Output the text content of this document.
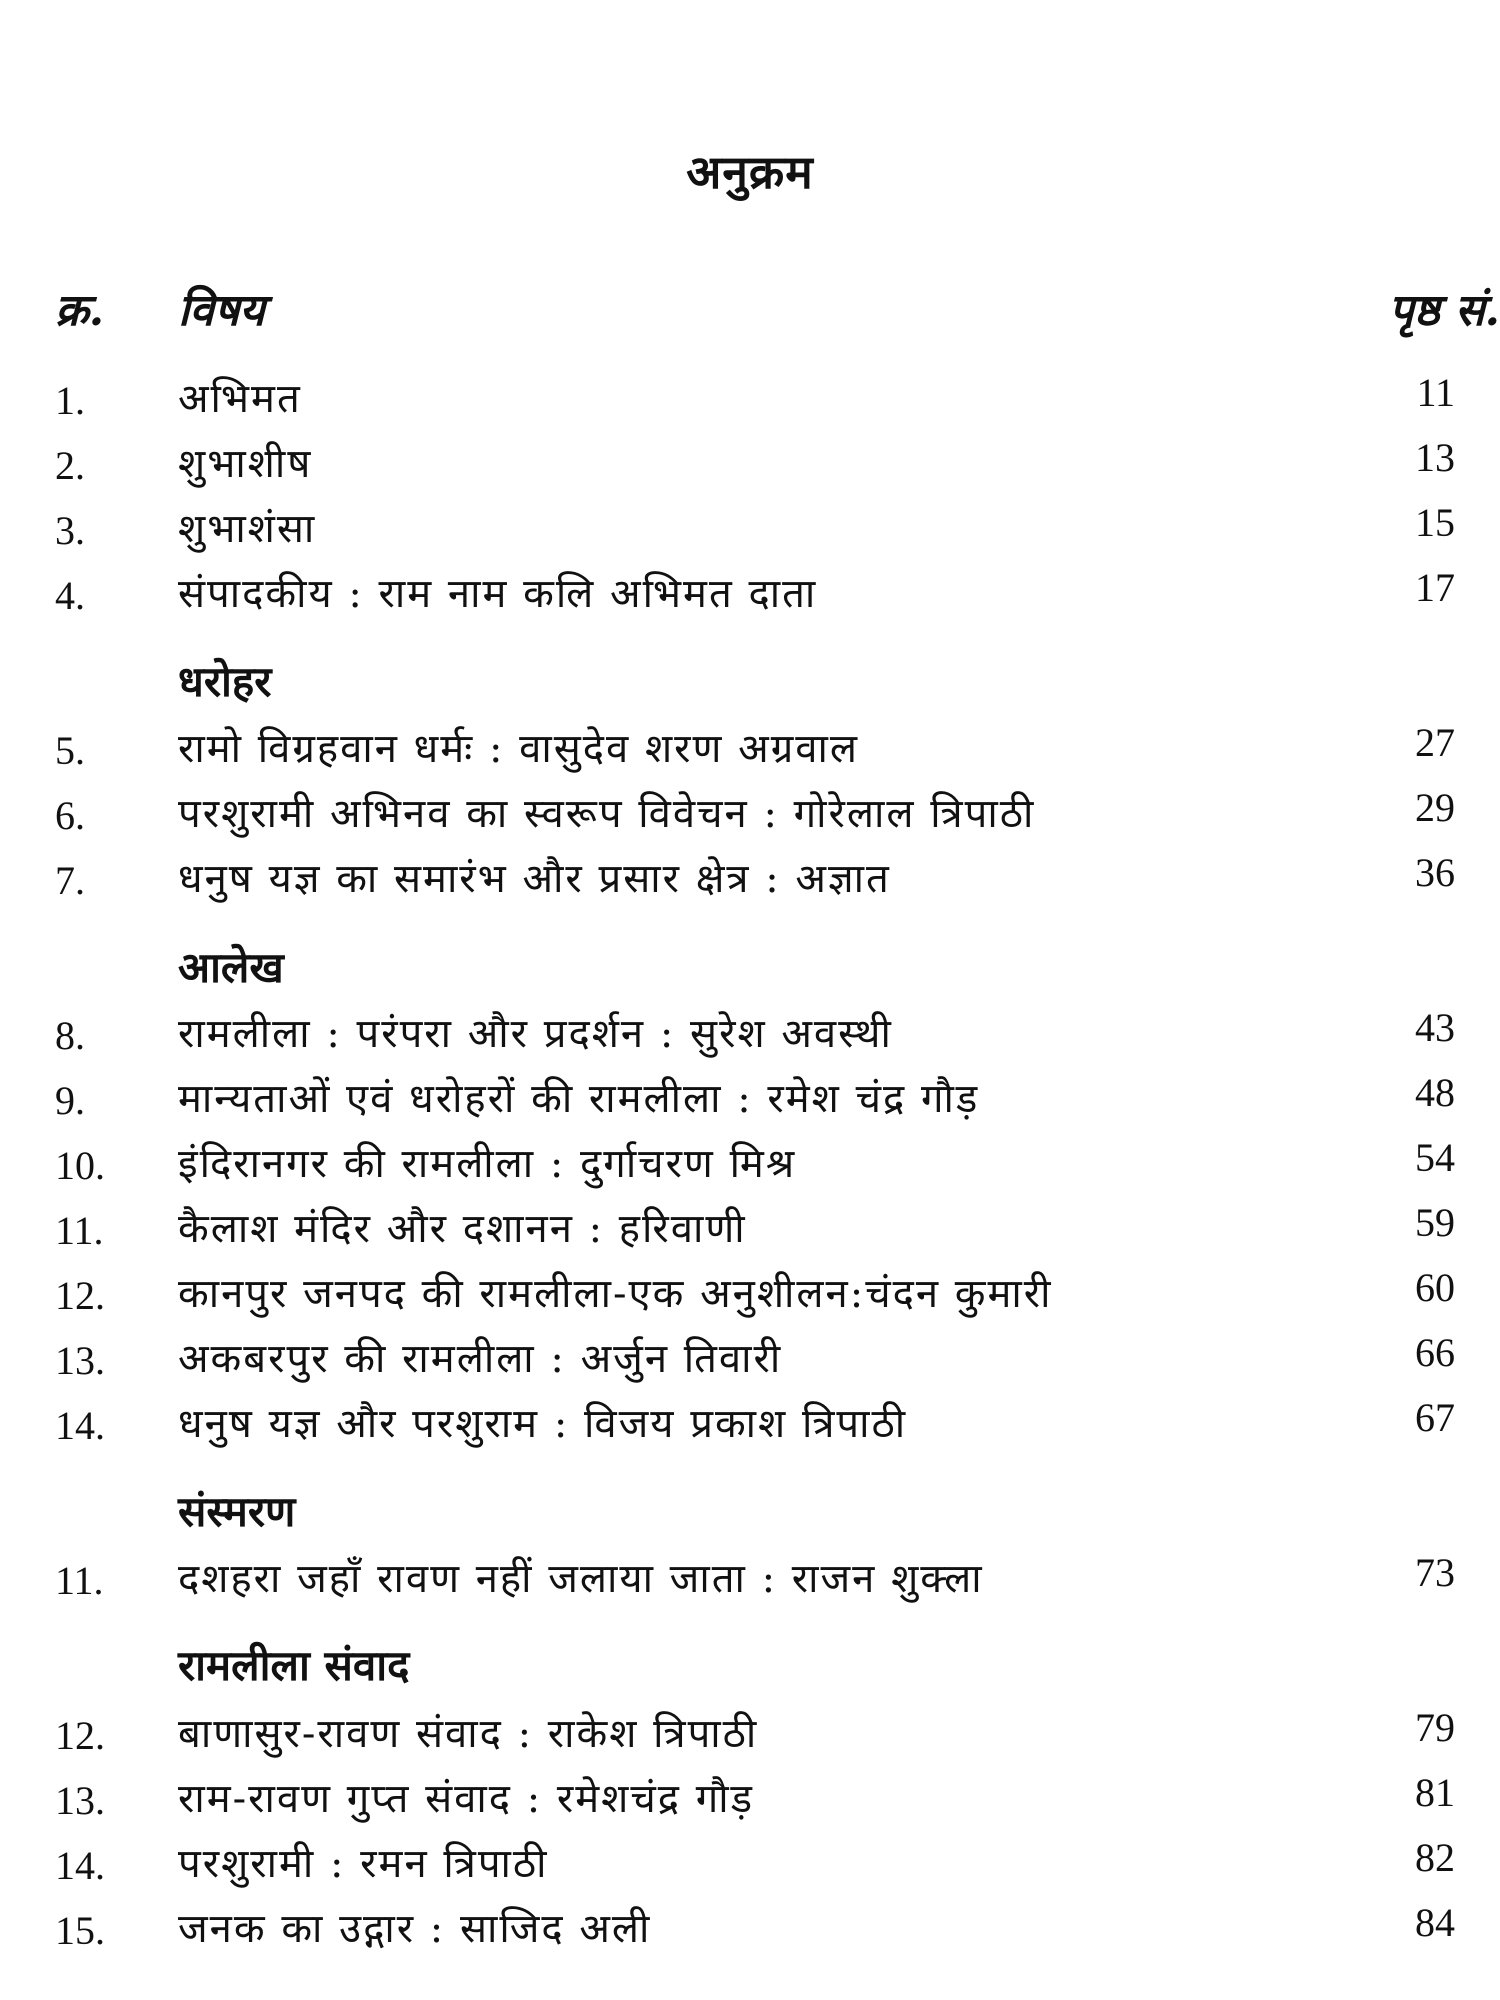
अनुक्रम
क्र. विषय	पृष्ठ सं.
1. अभिमत	11
2. शुभाशीष	13
3. शुभाशंसा	15
4. संपादकीय : राम नाम कलि अभिमत दाता	17
धरोहर
5. रामो विग्रहवान धर्मः : वासुदेव शरण अग्रवाल	27
6. परशुरामी अभिनव का स्वरूप विवेचन : गोरेलाल त्रिपाठी	29
7. धनुष यज्ञ का समारंभ और प्रसार क्षेत्र : अज्ञात	36
आलेख
8. रामलीला : परंपरा और प्रदर्शन : सुरेश अवस्थी	43
9. मान्यताओं एवं धरोहरों की रामलीला : रमेश चंद्र गौड़	48
10. इंदिरानगर की रामलीला : दुर्गाचरण मिश्र	54
11. कैलाश मंदिर और दशानन : हरिवाणी	59
12. कानपुर जनपद की रामलीला-एक अनुशीलन:चंदन कुमारी	60
13. अकबरपुर की रामलीला : अर्जुन तिवारी	66
14. धनुष यज्ञ और परशुराम : विजय प्रकाश त्रिपाठी	67
संस्मरण
11. दशहरा जहाँ रावण नहीं जलाया जाता : राजन शुक्ला	73
रामलीला संवाद
12. बाणासुर-रावण संवाद : राकेश त्रिपाठी	79
13. राम-रावण गुप्त संवाद : रमेशचंद्र गौड़	81
14. परशुरामी : रमन त्रिपाठी	82
15. जनक का उद्गार : साजिद अली	84
